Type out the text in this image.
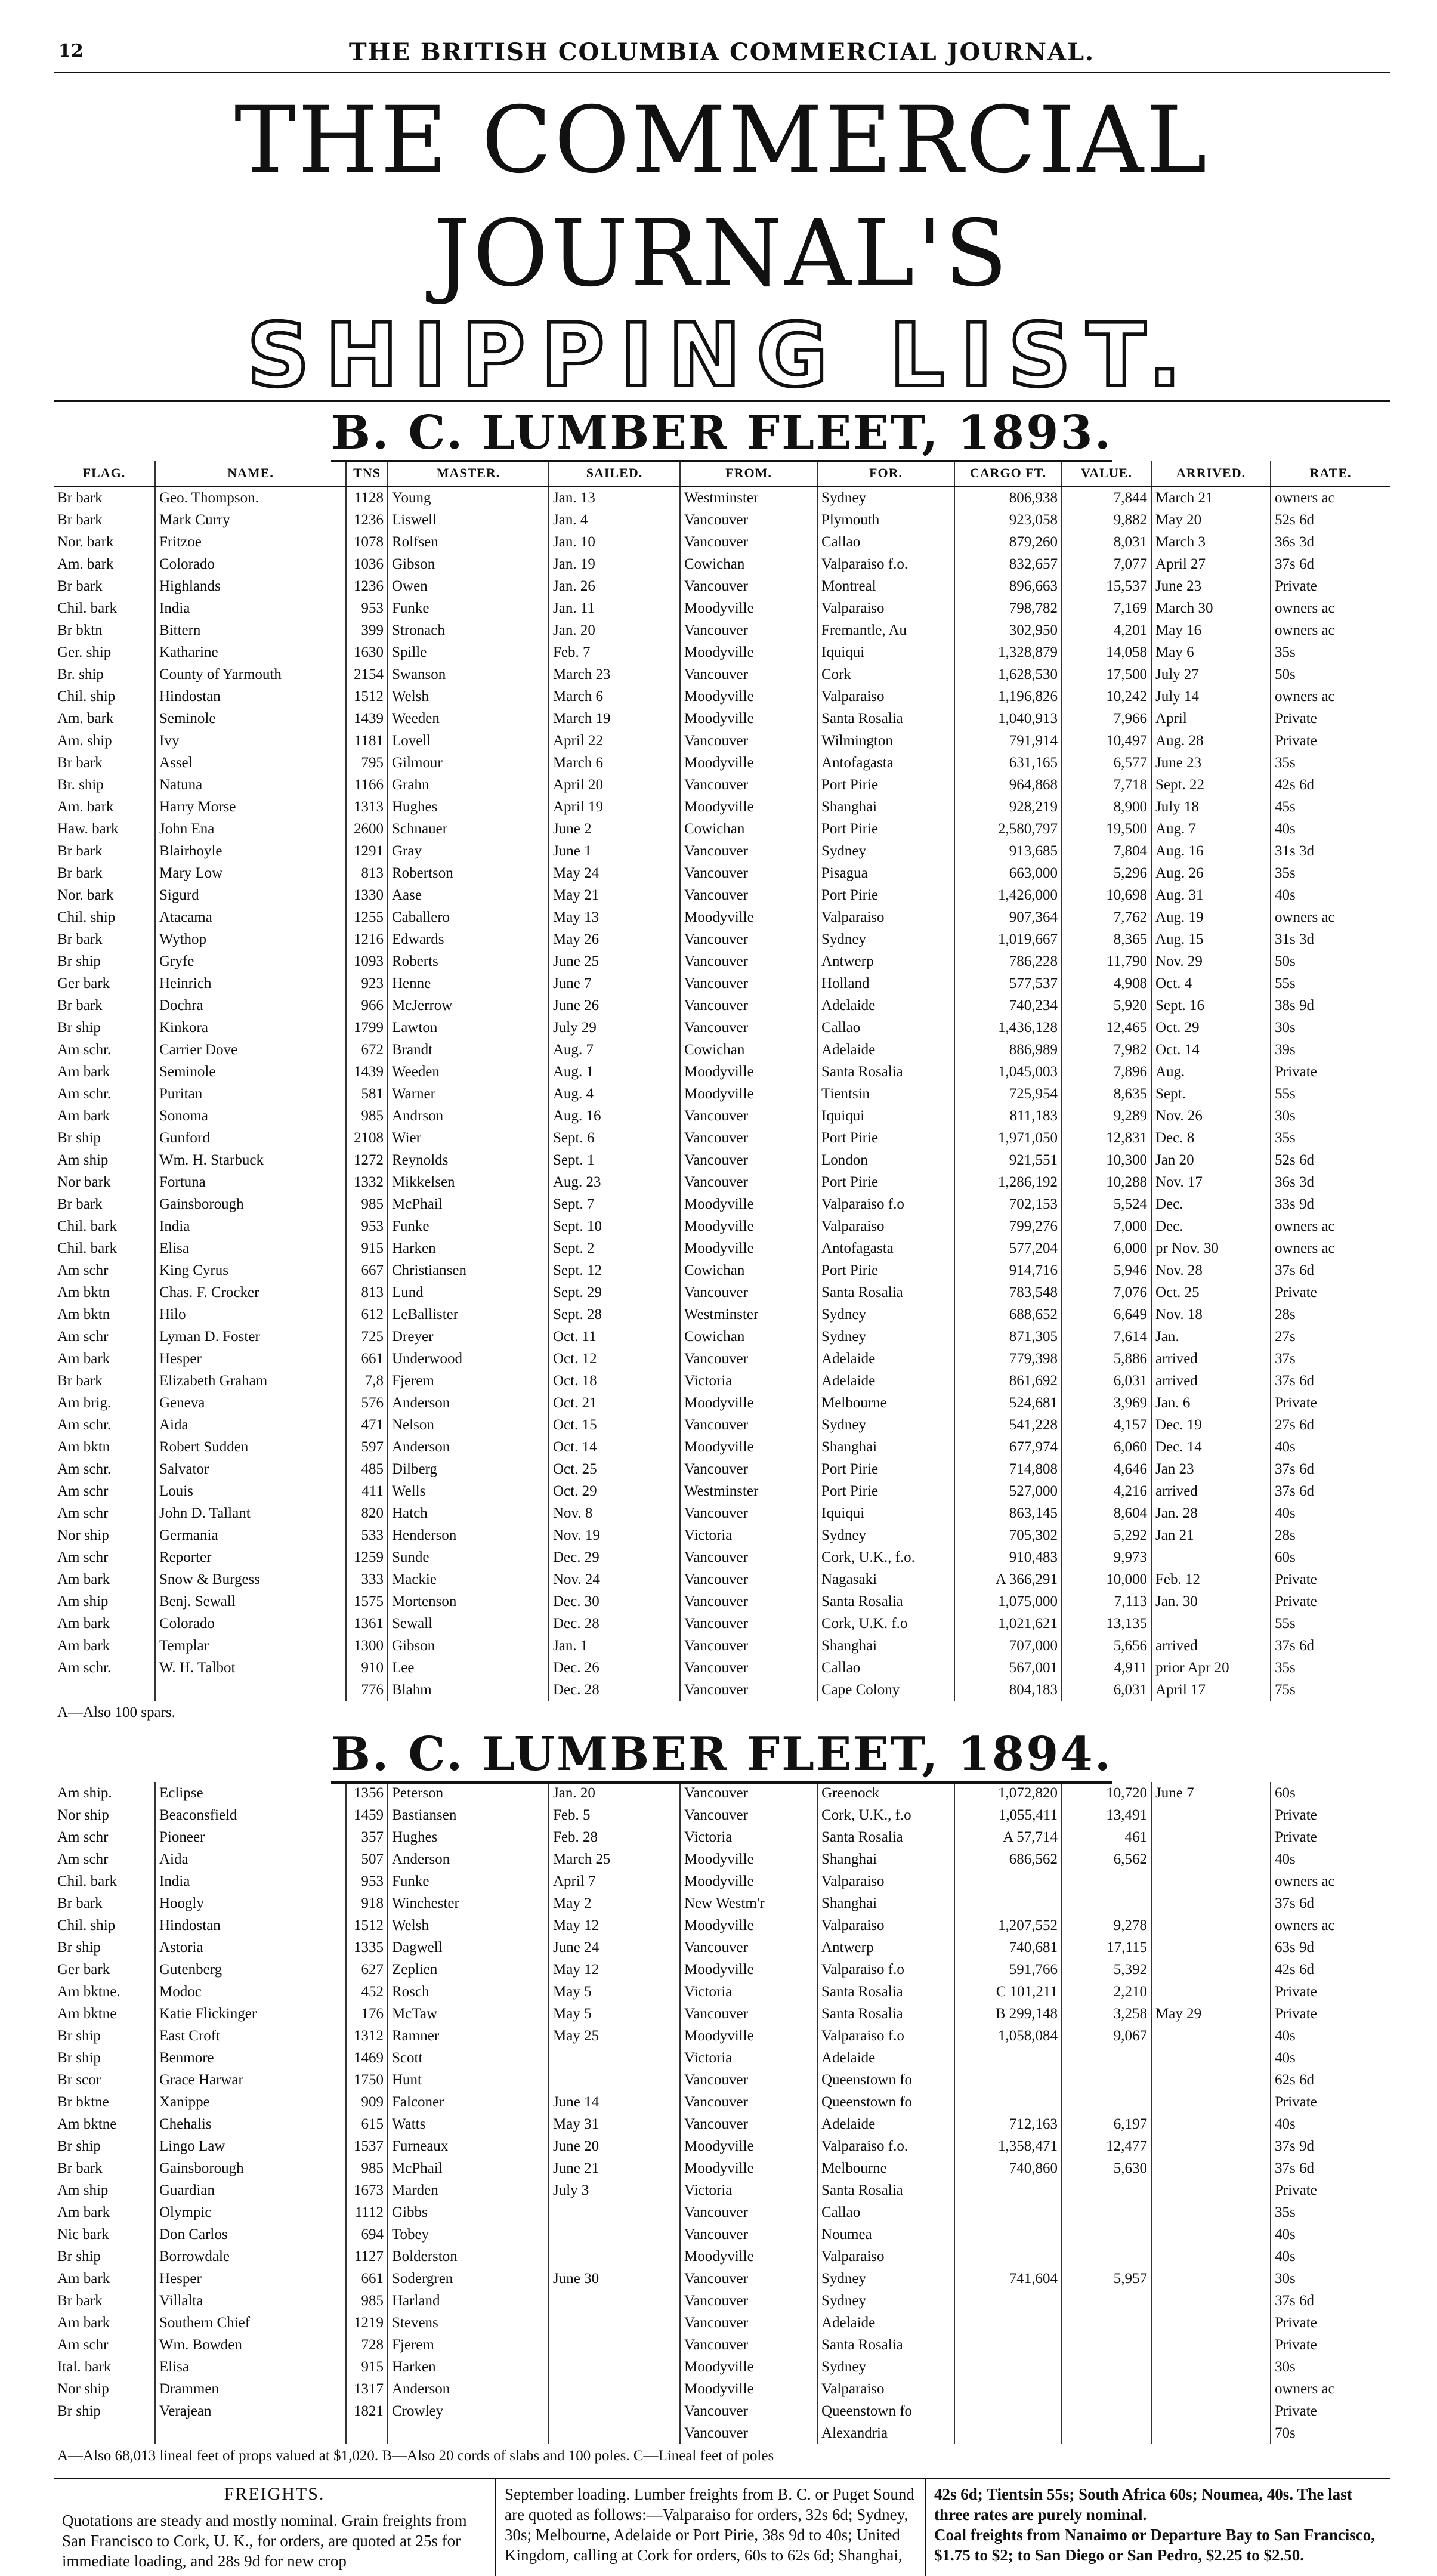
12	THE BRITISH COLUMBIA COMMERCIAL JOURNAL.
THE COMMERCIAL JOURNAL'S
SHIPPING LIST.
B. C. LUMBER FLEET, 1893.
FLAG.	NAME.	TNS	MASTER.	SAILED.	FROM.	FOR.	CARGO FT.	VALUE.	ARRIVED.	RATE.
Br bark	Geo. Thompson.	1128	Young	Jan. 13	Westminster	Sydney	806,938	7,844	March 21	owners ac
Br bark	Mark Curry	1236	Liswell	Jan. 4	Vancouver	Plymouth	923,058	9,882	May 20	52s 6d
Nor. bark	Fritzoe	1078	Rolfsen	Jan. 10	Vancouver	Callao	879,260	8,031	March 3	36s 3d
Am. bark	Colorado	1036	Gibson	Jan. 19	Cowichan	Valparaiso f.o.	832,657	7,077	April 27	37s 6d
Br bark	Highlands	1236	Owen	Jan. 26	Vancouver	Montreal	896,663	15,537	June 23	Private
Chil. bark	India	953	Funke	Jan. 11	Moodyville	Valparaiso	798,782	7,169	March 30	owners ac
Br bktn	Bittern	399	Stronach	Jan. 20	Vancouver	Fremantle, Au	302,950	4,201	May 16	owners ac
Ger. ship	Katharine	1630	Spille	Feb. 7	Moodyville	Iquiqui	1,328,879	14,058	May 6	35s
Br. ship	County of Yarmouth	2154	Swanson	March 23	Vancouver	Cork	1,628,530	17,500	July 27	50s
Chil. ship	Hindostan	1512	Welsh	March 6	Moodyville	Valparaiso	1,196,826	10,242	July 14	owners ac
Am. bark	Seminole	1439	Weeden	March 19	Moodyville	Santa Rosalia	1,040,913	7,966	April	Private
Am. ship	Ivy	1181	Lovell	April 22	Vancouver	Wilmington	791,914	10,497	Aug. 28	Private
Br bark	Assel	795	Gilmour	March 6	Moodyville	Antofagasta	631,165	6,577	June 23	35s
Br. ship	Natuna	1166	Grahn	April 20	Vancouver	Port Pirie	964,868	7,718	Sept. 22	42s 6d
Am. bark	Harry Morse	1313	Hughes	April 19	Moodyville	Shanghai	928,219	8,900	July 18	45s
Haw. bark	John Ena	2600	Schnauer	June 2	Cowichan	Port Pirie	2,580,797	19,500	Aug. 7	40s
Br bark	Blairhoyle	1291	Gray	June 1	Vancouver	Sydney	913,685	7,804	Aug. 16	31s 3d
Br bark	Mary Low	813	Robertson	May 24	Vancouver	Pisagua	663,000	5,296	Aug. 26	35s
Nor. bark	Sigurd	1330	Aase	May 21	Vancouver	Port Pirie	1,426,000	10,698	Aug. 31	40s
Chil. ship	Atacama	1255	Caballero	May 13	Moodyville	Valparaiso	907,364	7,762	Aug. 19	owners ac
Br bark	Wythop	1216	Edwards	May 26	Vancouver	Sydney	1,019,667	8,365	Aug. 15	31s 3d
Br ship	Gryfe	1093	Roberts	June 25	Vancouver	Antwerp	786,228	11,790	Nov. 29	50s
Ger bark	Heinrich	923	Henne	June 7	Vancouver	Holland	577,537	4,908	Oct. 4	55s
Br bark	Dochra	966	McJerrow	June 26	Vancouver	Adelaide	740,234	5,920	Sept. 16	38s 9d
Br ship	Kinkora	1799	Lawton	July 29	Vancouver	Callao	1,436,128	12,465	Oct. 29	30s
Am schr.	Carrier Dove	672	Brandt	Aug. 7	Cowichan	Adelaide	886,989	7,982	Oct. 14	39s
Am bark	Seminole	1439	Weeden	Aug. 1	Moodyville	Santa Rosalia	1,045,003	7,896	Aug.	Private
Am schr.	Puritan	581	Warner	Aug. 4	Moodyville	Tientsin	725,954	8,635	Sept.	55s
Am bark	Sonoma	985	Andrson	Aug. 16	Vancouver	Iquiqui	811,183	9,289	Nov. 26	30s
Br ship	Gunford	2108	Wier	Sept. 6	Vancouver	Port Pirie	1,971,050	12,831	Dec. 8	35s
Am ship	Wm. H. Starbuck	1272	Reynolds	Sept. 1	Vancouver	London	921,551	10,300	Jan 20	52s 6d
Nor bark	Fortuna	1332	Mikkelsen	Aug. 23	Vancouver	Port Pirie	1,286,192	10,288	Nov. 17	36s 3d
Br bark	Gainsborough	985	McPhail	Sept. 7	Moodyville	Valparaiso f.o	702,153	5,524	Dec.	33s 9d
Chil. bark	India	953	Funke	Sept. 10	Moodyville	Valparaiso	799,276	7,000	Dec.	owners ac
Chil. bark	Elisa	915	Harken	Sept. 2	Moodyville	Antofagasta	577,204	6,000	pr Nov. 30	owners ac
Am schr	King Cyrus	667	Christiansen	Sept. 12	Cowichan	Port Pirie	914,716	5,946	Nov. 28	37s 6d
Am bktn	Chas. F. Crocker	813	Lund	Sept. 29	Vancouver	Santa Rosalia	783,548	7,076	Oct. 25	Private
Am bktn	Hilo	612	LeBallister	Sept. 28	Westminster	Sydney	688,652	6,649	Nov. 18	28s
Am schr	Lyman D. Foster	725	Dreyer	Oct. 11	Cowichan	Sydney	871,305	7,614	Jan.	27s
Am bark	Hesper	661	Underwood	Oct. 12	Vancouver	Adelaide	779,398	5,886	arrived	37s
Br bark	Elizabeth Graham	7,8	Fjerem	Oct. 18	Victoria	Adelaide	861,692	6,031	arrived	37s 6d
Am brig.	Geneva	576	Anderson	Oct. 21	Moodyville	Melbourne	524,681	3,969	Jan. 6	Private
Am schr.	Aida	471	Nelson	Oct. 15	Vancouver	Sydney	541,228	4,157	Dec. 19	27s 6d
Am bktn	Robert Sudden	597	Anderson	Oct. 14	Moodyville	Shanghai	677,974	6,060	Dec. 14	40s
Am schr.	Salvator	485	Dilberg	Oct. 25	Vancouver	Port Pirie	714,808	4,646	Jan 23	37s 6d
Am schr	Louis	411	Wells	Oct. 29	Westminster	Port Pirie	527,000	4,216	arrived	37s 6d
Am schr	John D. Tallant	820	Hatch	Nov. 8	Vancouver	Iquiqui	863,145	8,604	Jan. 28	40s
Nor ship	Germania	533	Henderson	Nov. 19	Victoria	Sydney	705,302	5,292	Jan 21	28s
Am schr	Reporter	1259	Sunde	Dec. 29	Vancouver	Cork, U.K., f.o.	910,483	9,973		60s
Am bark	Snow & Burgess	333	Mackie	Nov. 24	Vancouver	Nagasaki	A 366,291	10,000	Feb. 12	Private
Am ship	Benj. Sewall	1575	Mortenson	Dec. 30	Vancouver	Santa Rosalia	1,075,000	7,113	Jan. 30	Private
Am bark	Colorado	1361	Sewall	Dec. 28	Vancouver	Cork, U.K. f.o	1,021,621	13,135		55s
Am bark	Templar	1300	Gibson	Jan. 1	Vancouver	Shanghai	707,000	5,656	arrived	37s 6d
Am schr.	W. H. Talbot	910	Lee	Dec. 26	Vancouver	Callao	567,001	4,911	prior Apr 20	35s
		776	Blahm	Dec. 28	Vancouver	Cape Colony	804,183	6,031	April 17	75s
A—Also 100 spars.
B. C. LUMBER FLEET, 1894.
Am ship.	Eclipse	1356	Peterson	Jan. 20	Vancouver	Greenock	1,072,820	10,720	June 7	60s
Nor ship	Beaconsfield	1459	Bastiansen	Feb. 5	Vancouver	Cork, U.K., f.o	1,055,411	13,491		Private
Am schr	Pioneer	357	Hughes	Feb. 28	Victoria	Santa Rosalia	A 57,714	461		Private
Am schr	Aida	507	Anderson	March 25	Moodyville	Shanghai	686,562	6,562		40s
Chil. bark	India	953	Funke	April 7	Moodyville	Valparaiso				owners ac
Br bark	Hoogly	918	Winchester	May 2	New Westm'r	Shanghai				37s 6d
Chil. ship	Hindostan	1512	Welsh	May 12	Moodyville	Valparaiso	1,207,552	9,278		owners ac
Br ship	Astoria	1335	Dagwell	June 24	Vancouver	Antwerp	740,681	17,115		63s 9d
Ger bark	Gutenberg	627	Zeplien	May 12	Moodyville	Valparaiso f.o	591,766	5,392		42s 6d
Am bktne.	Modoc	452	Rosch	May 5	Victoria	Santa Rosalia	C 101,211	2,210		Private
Am bktne	Katie Flickinger	176	McTaw	May 5	Vancouver	Santa Rosalia	B 299,148	3,258	May 29	Private
Br ship	East Croft	1312	Ramner	May 25	Moodyville	Valparaiso f.o	1,058,084	9,067		40s
Br ship	Benmore	1469	Scott		Victoria	Adelaide				40s
Br scor	Grace Harwar	1750	Hunt		Vancouver	Queenstown fo				62s 6d
Br bktne	Xanippe	909	Falconer	June 14	Vancouver	Queenstown fo				Private
Am bktne	Chehalis	615	Watts	May 31	Vancouver	Adelaide	712,163	6,197		40s
Br ship	Lingo Law	1537	Furneaux	June 20	Moodyville	Valparaiso f.o.	1,358,471	12,477		37s 9d
Br bark	Gainsborough	985	McPhail	June 21	Moodyville	Melbourne	740,860	5,630		37s 6d
Am ship	Guardian	1673	Marden	July 3	Victoria	Santa Rosalia				Private
Am bark	Olympic	1112	Gibbs		Vancouver	Callao				35s
Nic bark	Don Carlos	694	Tobey		Vancouver	Noumea				40s
Br ship	Borrowdale	1127	Bolderston		Moodyville	Valparaiso				40s
Am bark	Hesper	661	Sodergren	June 30	Vancouver	Sydney	741,604	5,957		30s
Br bark	Villalta	985	Harland		Vancouver	Sydney				37s 6d
Am bark	Southern Chief	1219	Stevens		Vancouver	Adelaide				Private
Am schr	Wm. Bowden	728	Fjerem		Vancouver	Santa Rosalia				Private
Ital. bark	Elisa	915	Harken		Moodyville	Sydney				30s
Nor ship	Drammen	1317	Anderson		Moodyville	Valparaiso				owners ac
Br ship	Verajean	1821	Crowley		Vancouver	Queenstown fo				Private
					Vancouver	Alexandria				70s
A—Also 68,013 lineal feet of props valued at $1,020. B—Also 20 cords of slabs and 100 poles. C—Lineal feet of poles
FREIGHTS.
Quotations are steady and mostly nominal. Grain freights from San Francisco to Cork, U. K., for orders, are quoted at 25s for immediate loading, and 28s 9d for new crop
September loading. Lumber freights from B. C. or Puget Sound are quoted as follows:—Valparaiso for orders, 32s 6d; Sydney, 30s; Melbourne, Adelaide or Port Pirie, 38s 9d to 40s; United Kingdom, calling at Cork for orders, 60s to 62s 6d; Shanghai,
42s 6d; Tientsin 55s; South Africa 60s; Noumea, 40s. The last three rates are purely nominal.
Coal freights from Nanaimo or Departure Bay to San Francisco, $1.75 to $2; to San Diego or San Pedro, $2.25 to $2.50.
